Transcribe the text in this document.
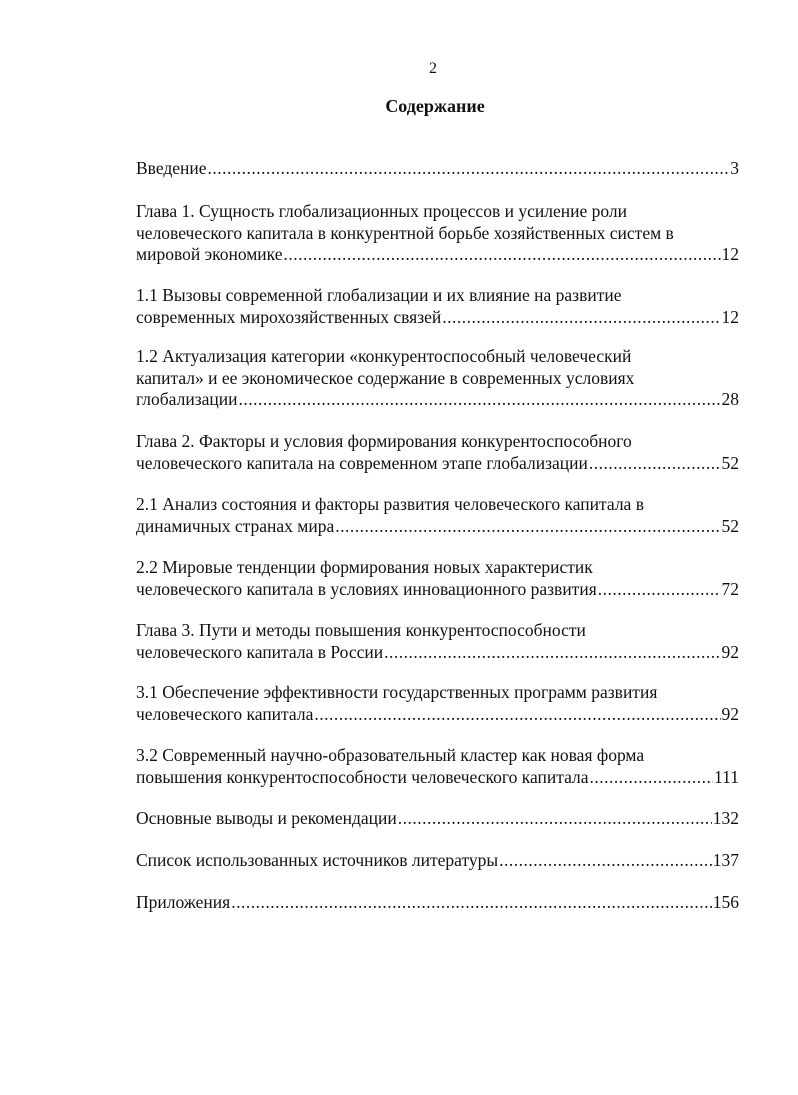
2
Содержание
Введение .....	3
Глава 1. Сущность глобализационных процессов и усиление роли
человеческого капитала в конкурентной борьбе хозяйственных систем в
мировой экономике .....	12
1.1 Вызовы современной глобализации и их влияние на развитие
современных мирохозяйственных связей .....	12
1.2 Актуализация категории «конкурентоспособный человеческий
капитал» и ее экономическое содержание в современных условиях
глобализации .....	28
Глава 2. Факторы и условия формирования конкурентоспособного
человеческого капитала на современном этапе глобализации .....	52
2.1 Анализ состояния и факторы развития человеческого капитала в
динамичных странах мира .....	52
2.2 Мировые тенденции формирования новых характеристик
человеческого капитала в условиях инновационного развития .....	72
Глава 3. Пути и методы повышения конкурентоспособности
человеческого капитала в России .....	92
3.1 Обеспечение эффективности государственных программ развития
человеческого капитала .....	92
3.2 Современный научно-образовательный кластер как новая форма
повышения конкурентоспособности человеческого капитала .....	111
Основные выводы и рекомендации .....	132
Список использованных источников литературы .....	137
Приложения .....	156
